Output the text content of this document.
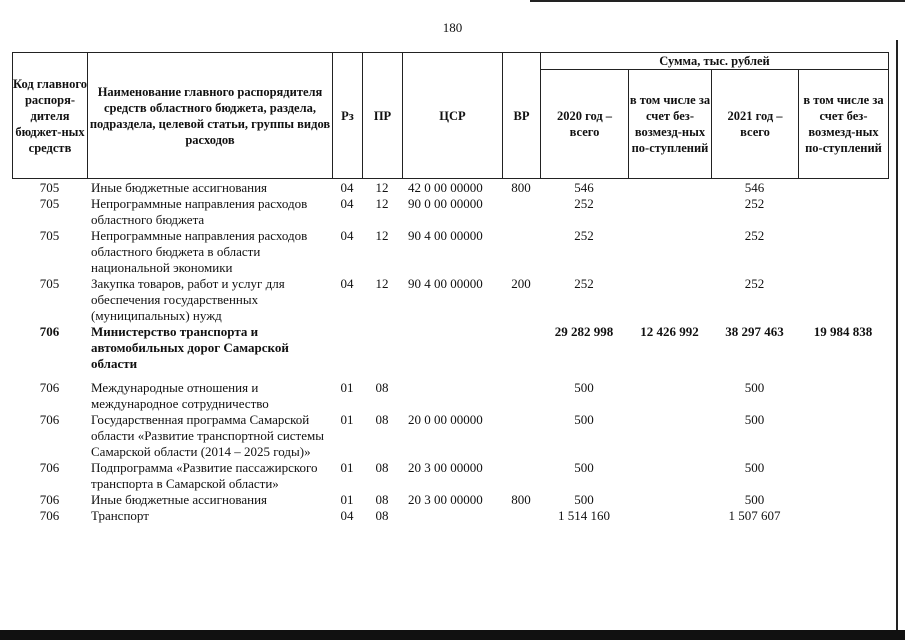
180
Код главного распоря-дителя бюджет-ных средств	Наименование главного распорядителя средств областного бюджета, раздела, подраздела, целевой статьи, группы видов расходов	Рз	ПР	ЦСР	ВР	Сумма, тыс. рублей			
						2020 год – всего	в том числе за счет без-возмезд-ных по-ступлений	2021 год – всего	в том числе за счет без-возмезд-ных по-ступлений
705	Иные бюджетные ассигнования	04	12	42 0 00 00000	800	546		546	
705	Непрограммные направления расходов областного бюджета	04	12	90 0 00 00000		252		252	
705	Непрограммные направления расходов областного бюджета в области национальной экономики	04	12	90 4 00 00000		252		252	
705	Закупка товаров, работ и услуг для обеспечения государственных (муниципальных) нужд	04	12	90 4 00 00000	200	252		252	
706	Министерство транспорта и автомобильных дорог Самарской области					29 282 998	12 426 992	38 297 463	19 984 838
706	Международные отношения и международное сотрудничество	01	08			500		500	
706	Государственная программа Самарской области «Развитие транспортной системы Самарской области (2014 – 2025 годы)»	01	08	20 0 00 00000		500		500	
706	Подпрограмма «Развитие пассажирского транспорта в Самарской области»	01	08	20 3 00 00000		500		500	
706	Иные бюджетные ассигнования	01	08	20 3 00 00000	800	500		500	
706	Транспорт	04	08			1 514 160		1 507 607	
